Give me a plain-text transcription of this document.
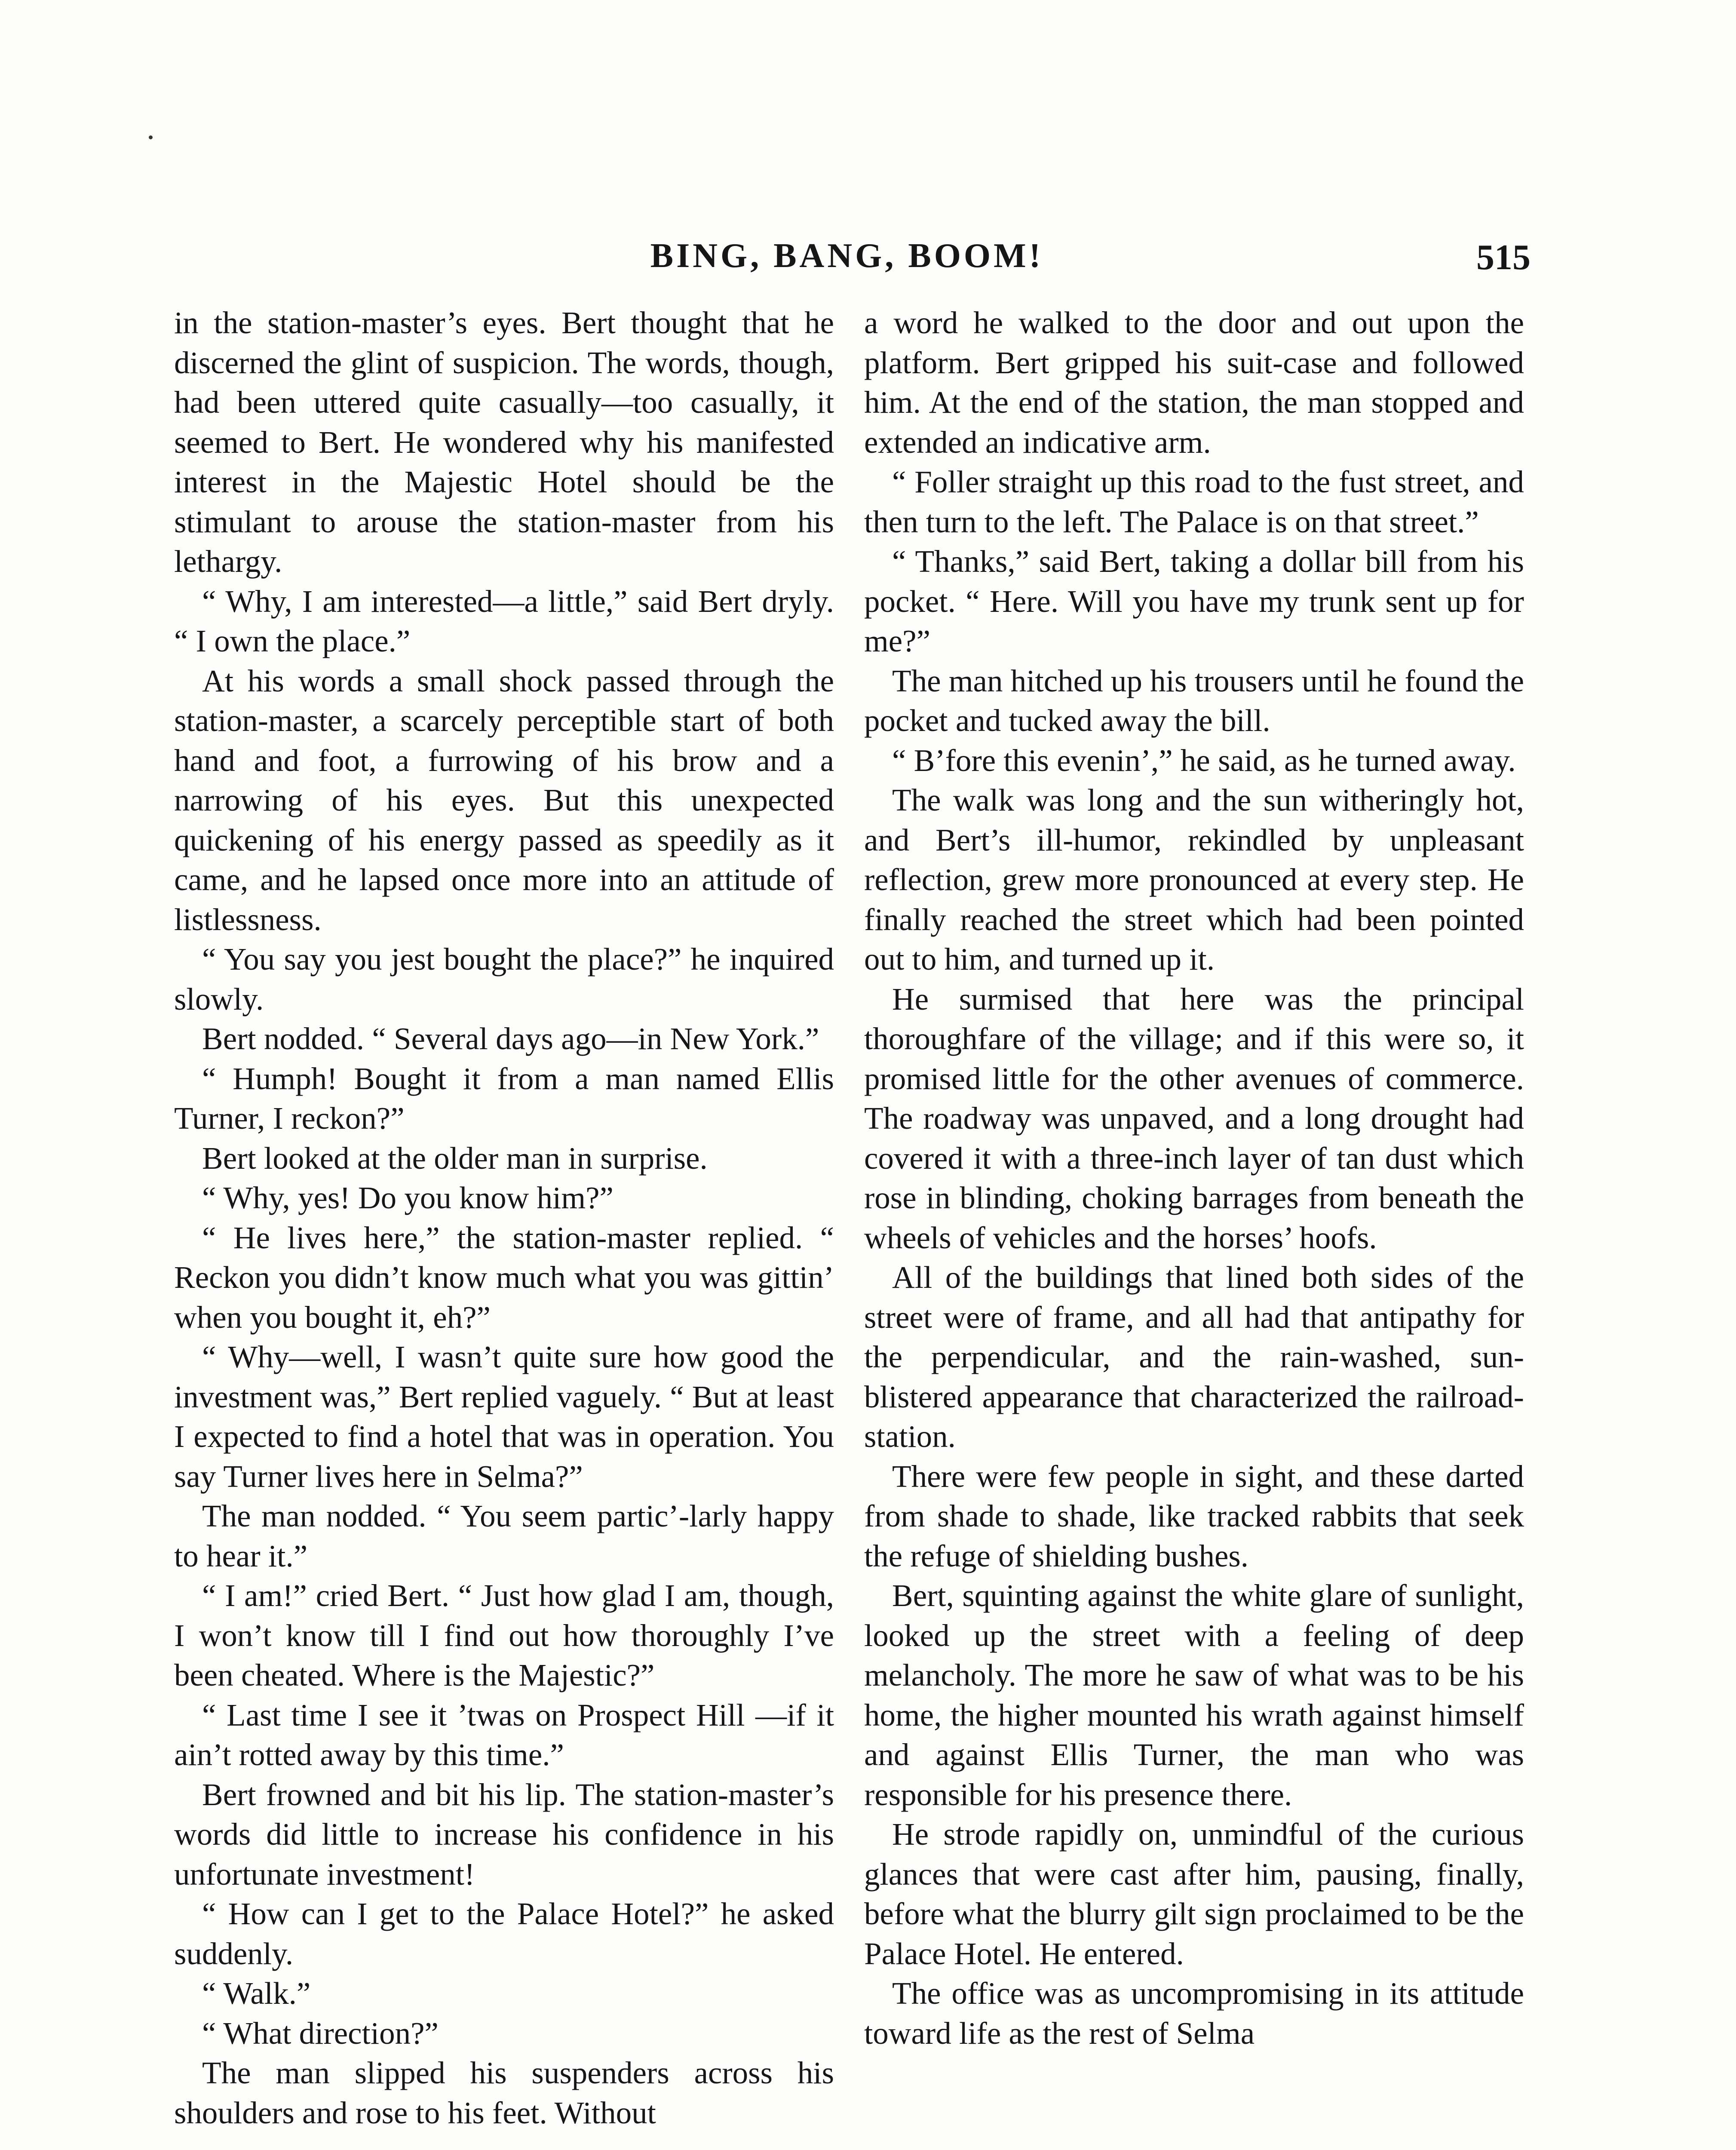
BING, BANG, BOOM!	515

in the station-master’s eyes. Bert thought that he discerned the glint of suspicion. The words, though, had been uttered quite casually—too casually, it seemed to Bert. He wondered why his manifested interest in the Majestic Hotel should be the stimulant to arouse the station-master from his lethargy.

“ Why, I am interested—a little,” said Bert dryly. “ I own the place.”

At his words a small shock passed through the station-master, a scarcely perceptible start of both hand and foot, a furrowing of his brow and a narrowing of his eyes. But this unexpected quickening of his energy passed as speedily as it came, and he lapsed once more into an attitude of listlessness.

“ You say you jest bought the place?” he inquired slowly.

Bert nodded. “ Several days ago—in New York.”

“ Humph! Bought it from a man named Ellis Turner, I reckon?”

Bert looked at the older man in surprise.

“ Why, yes! Do you know him?”

“ He lives here,” the station-master replied. “ Reckon you didn’t know much what you was gittin’ when you bought it, eh?”

“ Why—well, I wasn’t quite sure how good the investment was,” Bert replied vaguely. “ But at least I expected to find a hotel that was in operation. You say Turner lives here in Selma?”

The man nodded. “ You seem partic’-larly happy to hear it.”

“ I am!” cried Bert. “ Just how glad I am, though, I won’t know till I find out how thoroughly I’ve been cheated. Where is the Majestic?”

“ Last time I see it ’twas on Prospect Hill —if it ain’t rotted away by this time.”

Bert frowned and bit his lip. The station-master’s words did little to increase his confidence in his unfortunate investment!

“ How can I get to the Palace Hotel?” he asked suddenly.

“ Walk.”

“ What direction?”

The man slipped his suspenders across his shoulders and rose to his feet. Without

a word he walked to the door and out upon the platform. Bert gripped his suit-case and followed him. At the end of the station, the man stopped and extended an indicative arm.

“ Foller straight up this road to the fust street, and then turn to the left. The Palace is on that street.”

“ Thanks,” said Bert, taking a dollar bill from his pocket. “ Here. Will you have my trunk sent up for me?”

The man hitched up his trousers until he found the pocket and tucked away the bill.

“ B’fore this evenin’,” he said, as he turned away.

The walk was long and the sun witheringly hot, and Bert’s ill-humor, rekindled by unpleasant reflection, grew more pronounced at every step. He finally reached the street which had been pointed out to him, and turned up it.

He surmised that here was the principal thoroughfare of the village; and if this were so, it promised little for the other avenues of commerce. The roadway was unpaved, and a long drought had covered it with a three-inch layer of tan dust which rose in blinding, choking barrages from beneath the wheels of vehicles and the horses’ hoofs.

All of the buildings that lined both sides of the street were of frame, and all had that antipathy for the perpendicular, and the rain-washed, sun-blistered appearance that characterized the railroad-station.

There were few people in sight, and these darted from shade to shade, like tracked rabbits that seek the refuge of shielding bushes.

Bert, squinting against the white glare of sunlight, looked up the street with a feeling of deep melancholy. The more he saw of what was to be his home, the higher mounted his wrath against himself and against Ellis Turner, the man who was responsible for his presence there.

He strode rapidly on, unmindful of the curious glances that were cast after him, pausing, finally, before what the blurry gilt sign proclaimed to be the Palace Hotel. He entered.

The office was as uncompromising in its attitude toward life as the rest of Selma
